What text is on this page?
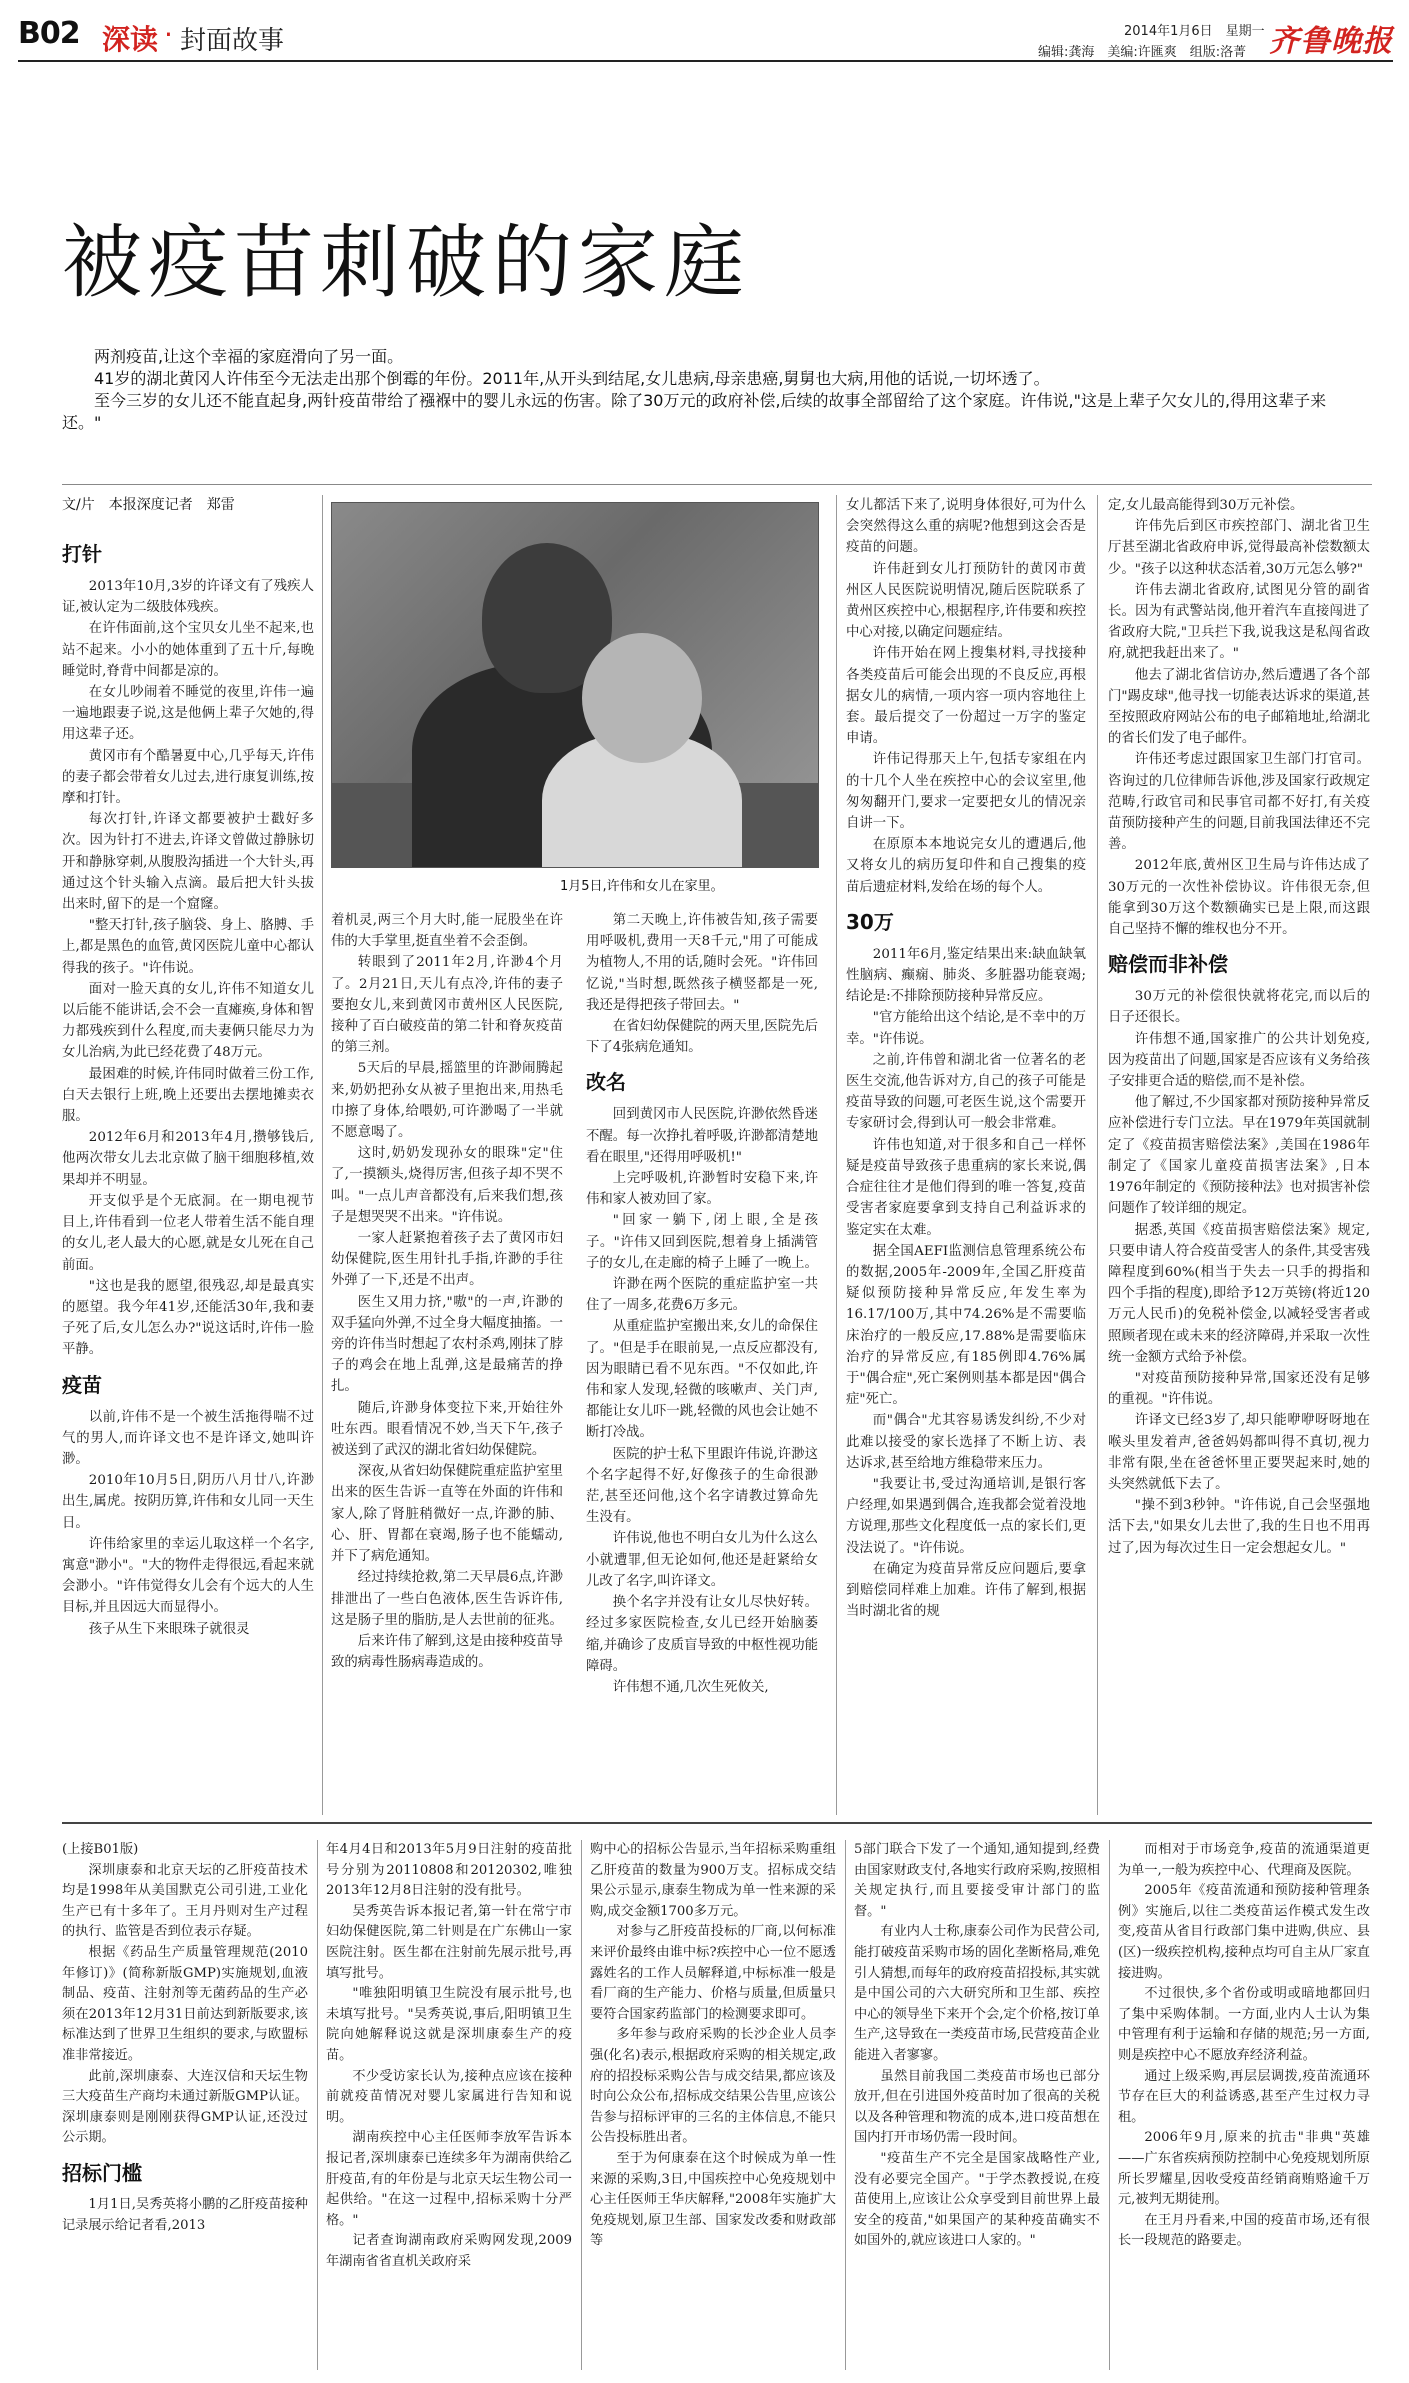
B02 深读 · 封面故事	2014年1月6日　星期一
编辑:龚海　美编:许匯爽　组版:洛菁 齐鲁晚报
被疫苗刺破的家庭

两剂疫苗,让这个幸福的家庭滑向了另一面。

41岁的湖北黄冈人许伟至今无法走出那个倒霉的年份。2011年,从开头到结尾,女儿患病,母亲患癌,舅舅也大病,用他的话说,一切坏透了。

至今三岁的女儿还不能直起身,两针疫苗带给了襁褓中的婴儿永远的伤害。除了30万元的政府补偿,后续的故事全部留给了这个家庭。许伟说,"这是上辈子欠女儿的,得用这辈子来还。"

文/片　本报深度记者　郑雷
打针

2013年10月,3岁的许译文有了残疾人证,被认定为二级肢体残疾。

在许伟面前,这个宝贝女儿坐不起来,也站不起来。小小的她体重到了五十斤,每晚睡觉时,脊背中间都是凉的。

在女儿吵闹着不睡觉的夜里,许伟一遍一遍地跟妻子说,这是他俩上辈子欠她的,得用这辈子还。

黄冈市有个酷暑夏中心,几乎每天,许伟的妻子都会带着女儿过去,进行康复训练,按摩和打针。

每次打针,许译文都要被护士戳好多次。因为针打不进去,许译文曾做过静脉切开和静脉穿刺,从腹股沟插进一个大针头,再通过这个针头输入点滴。最后把大针头拔出来时,留下的是一个窟窿。

"整天打针,孩子脑袋、身上、胳膊、手上,都是黑色的血管,黄冈医院儿童中心都认得我的孩子。"许伟说。

面对一脸天真的女儿,许伟不知道女儿以后能不能讲话,会不会一直瘫痪,身体和智力都残疾到什么程度,而夫妻俩只能尽力为女儿治病,为此已经花费了48万元。

最困难的时候,许伟同时做着三份工作,白天去银行上班,晚上还要出去摆地摊卖衣服。

2012年6月和2013年4月,攒够钱后,他两次带女儿去北京做了脑干细胞移植,效果却并不明显。

开支似乎是个无底洞。在一期电视节目上,许伟看到一位老人带着生活不能自理的女儿,老人最大的心愿,就是女儿死在自己前面。

"这也是我的愿望,很残忍,却是最真实的愿望。我今年41岁,还能活30年,我和妻子死了后,女儿怎么办?"说这话时,许伟一脸平静。

疫苗

以前,许伟不是一个被生活拖得喘不过气的男人,而许译文也不是许译文,她叫许渺。

2010年10月5日,阴历八月廿八,许渺出生,属虎。按阴历算,许伟和女儿同一天生日。

许伟给家里的幸运儿取这样一个名字,寓意"渺小"。"大的物件走得很远,看起来就会渺小。"许伟觉得女儿会有个远大的人生目标,并且因远大而显得小。

孩子从生下来眼珠子就很灵

1月5日,许伟和女儿在家里。

着机灵,两三个月大时,能一屁股坐在许伟的大手掌里,挺直坐着不会歪倒。

转眼到了2011年2月,许渺4个月了。2月21日,天儿有点冷,许伟的妻子要抱女儿,来到黄冈市黄州区人民医院,接种了百白破疫苗的第二针和脊灰疫苗的第三剂。

5天后的早晨,摇篮里的许渺闹腾起来,奶奶把孙女从被子里抱出来,用热毛巾擦了身体,给喂奶,可许渺喝了一半就不愿意喝了。

这时,奶奶发现孙女的眼珠"定"住了,一摸额头,烧得厉害,但孩子却不哭不叫。"一点儿声音都没有,后来我们想,孩子是想哭哭不出来。"许伟说。

一家人赶紧抱着孩子去了黄冈市妇幼保健院,医生用针扎手指,许渺的手往外弹了一下,还是不出声。

医生又用力挤,"嗷"的一声,许渺的双手猛向外弹,不过全身大幅度抽搐。一旁的许伟当时想起了农村杀鸡,刚抹了脖子的鸡会在地上乱弹,这是最痛苦的挣扎。

随后,许渺身体变拉下来,开始往外吐东西。眼看情况不妙,当天下午,孩子被送到了武汉的湖北省妇幼保健院。

深夜,从省妇幼保健院重症监护室里出来的医生告诉一直等在外面的许伟和家人,除了肾脏稍微好一点,许渺的肺、心、肝、胃都在衰竭,肠子也不能蠕动,并下了病危通知。

经过持续抢救,第二天早晨6点,许渺排泄出了一些白色液体,医生告诉许伟,这是肠子里的脂肪,是人去世前的征兆。

后来许伟了解到,这是由接种疫苗导致的病毒性肠病毒造成的。

第二天晚上,许伟被告知,孩子需要用呼吸机,费用一天8千元,"用了可能成为植物人,不用的话,随时会死。"许伟回忆说,"当时想,既然孩子横竖都是一死,我还是得把孩子带回去。"

在省妇幼保健院的两天里,医院先后下了4张病危通知。

改名

回到黄冈市人民医院,许渺依然昏迷不醒。每一次挣扎着呼吸,许渺都清楚地看在眼里,"还得用呼吸机!"

上完呼吸机,许渺暂时安稳下来,许伟和家人被劝回了家。

"回家一躺下,闭上眼,全是孩子。"许伟又回到医院,想着身上插满管子的女儿,在走廊的椅子上睡了一晚上。

许渺在两个医院的重症监护室一共住了一周多,花费6万多元。

从重症监护室搬出来,女儿的命保住了。"但是手在眼前晃,一点反应都没有,因为眼睛已看不见东西。"不仅如此,许伟和家人发现,轻微的咳嗽声、关门声,都能让女儿吓一跳,轻微的风也会让她不断打冷战。

医院的护士私下里跟许伟说,许渺这个名字起得不好,好像孩子的生命很渺茫,甚至还问他,这个名字请教过算命先生没有。

许伟说,他也不明白女儿为什么这么小就遭罪,但无论如何,他还是赶紧给女儿改了名字,叫许译文。

换个名字并没有让女儿尽快好转。经过多家医院检查,女儿已经开始脑萎缩,并确诊了皮质盲导致的中枢性视功能障碍。

许伟想不通,几次生死攸关,

女儿都活下来了,说明身体很好,可为什么会突然得这么重的病呢?他想到这会否是疫苗的问题。

许伟赶到女儿打预防针的黄冈市黄州区人民医院说明情况,随后医院联系了黄州区疾控中心,根据程序,许伟要和疾控中心对接,以确定问题症结。

许伟开始在网上搜集材料,寻找接种各类疫苗后可能会出现的不良反应,再根据女儿的病情,一项内容一项内容地往上套。最后提交了一份超过一万字的鉴定申请。

许伟记得那天上午,包括专家组在内的十几个人坐在疾控中心的会议室里,他匆匆翻开门,要求一定要把女儿的情况亲自讲一下。

在原原本本地说完女儿的遭遇后,他又将女儿的病历复印件和自己搜集的疫苗后遗症材料,发给在场的每个人。

30万

2011年6月,鉴定结果出来:缺血缺氧性脑病、癫痫、肺炎、多脏器功能衰竭;结论是:不排除预防接种异常反应。

"官方能给出这个结论,是不幸中的万幸。"许伟说。

之前,许伟曾和湖北省一位著名的老医生交流,他告诉对方,自己的孩子可能是疫苗导致的问题,可老医生说,这个需要开专家研讨会,得到认可一般会非常难。

许伟也知道,对于很多和自己一样怀疑是疫苗导致孩子患重病的家长来说,偶合症往往才是他们得到的唯一答复,疫苗受害者家庭要拿到支持自己利益诉求的鉴定实在太难。

据全国AEFI监测信息管理系统公布的数据,2005年-2009年,全国乙肝疫苗疑似预防接种异常反应,年发生率为16.17/100万,其中74.26%是不需要临床治疗的一般反应,17.88%是需要临床治疗的异常反应,有185例即4.76%属于"偶合症",死亡案例则基本都是因"偶合症"死亡。

而"偶合"尤其容易诱发纠纷,不少对此难以接受的家长选择了不断上访、表达诉求,甚至给地方维稳带来压力。

"我要让书,受过沟通培训,是银行客户经理,如果遇到偶合,连我都会觉着没地方说理,那些文化程度低一点的家长们,更没法说了。"许伟说。

在确定为疫苗异常反应问题后,要拿到赔偿同样难上加难。许伟了解到,根据当时湖北省的规

定,女儿最高能得到30万元补偿。

许伟先后到区市疾控部门、湖北省卫生厅甚至湖北省政府申诉,觉得最高补偿数额太少。"孩子以这种状态活着,30万元怎么够?"

许伟去湖北省政府,试图见分管的副省长。因为有武警站岗,他开着汽车直接闯进了省政府大院,"卫兵拦下我,说我这是私闯省政府,就把我赶出来了。"

他去了湖北省信访办,然后遭遇了各个部门"踢皮球",他寻找一切能表达诉求的渠道,甚至按照政府网站公布的电子邮箱地址,给湖北的省长们发了电子邮件。

许伟还考虑过跟国家卫生部门打官司。咨询过的几位律师告诉他,涉及国家行政规定范畴,行政官司和民事官司都不好打,有关疫苗预防接种产生的问题,目前我国法律还不完善。

2012年底,黄州区卫生局与许伟达成了30万元的一次性补偿协议。许伟很无奈,但能拿到30万这个数额确实已是上限,而这跟自己坚持不懈的维权也分不开。

赔偿而非补偿

30万元的补偿很快就将花完,而以后的日子还很长。

许伟想不通,国家推广的公共计划免疫,因为疫苗出了问题,国家是否应该有义务给孩子安排更合适的赔偿,而不是补偿。

他了解过,不少国家都对预防接种异常反应补偿进行专门立法。早在1979年英国就制定了《疫苗损害赔偿法案》,美国在1986年制定了《国家儿童疫苗损害法案》,日本1976年制定的《预防接种法》也对损害补偿问题作了较详细的规定。

据悉,英国《疫苗损害赔偿法案》规定,只要申请人符合疫苗受害人的条件,其受害残障程度到60%(相当于失去一只手的拇指和四个手指的程度),即给予12万英镑(将近120万元人民币)的免税补偿金,以减轻受害者或照顾者现在或未来的经济障碍,并采取一次性统一金额方式给予补偿。

"对疫苗预防接种异常,国家还没有足够的重视。"许伟说。

许译文已经3岁了,却只能咿咿呀呀地在喉头里发着声,爸爸妈妈都叫得不真切,视力非常有限,坐在爸爸怀里正要哭起来时,她的头突然就低下去了。

"操不到3秒钟。"许伟说,自己会坚强地活下去,"如果女儿去世了,我的生日也不用再过了,因为每次过生日一定会想起女儿。"

(上接B01版)

深圳康泰和北京天坛的乙肝疫苗技术均是1998年从美国默克公司引进,工业化生产已有十多年了。王月丹则对生产过程的执行、监管是否到位表示存疑。

根据《药品生产质量管理规范(2010年修订)》(简称新版GMP)实施规划,血液制品、疫苗、注射剂等无菌药品的生产必须在2013年12月31日前达到新版要求,该标准达到了世界卫生组织的要求,与欧盟标准非常接近。

此前,深圳康泰、大连汉信和天坛生物三大疫苗生产商均未通过新版GMP认证。深圳康泰则是刚刚获得GMP认证,还没过公示期。

招标门槛

1月1日,吴秀英将小鹏的乙肝疫苗接种记录展示给记者看,2013

年4月4日和2013年5月9日注射的疫苗批号分别为20110808和20120302,唯独2013年12月8日注射的没有批号。

吴秀英告诉本报记者,第一针在常宁市妇幼保健医院,第二针则是在广东佛山一家医院注射。医生都在注射前先展示批号,再填写批号。

"唯独阳明镇卫生院没有展示批号,也未填写批号。"吴秀英说,事后,阳明镇卫生院向她解释说这就是深圳康泰生产的疫苗。

不少受访家长认为,接种点应该在接种前就疫苗情况对婴儿家属进行告知和说明。

湖南疾控中心主任医师李放军告诉本报记者,深圳康泰已连续多年为湖南供给乙肝疫苗,有的年份是与北京天坛生物公司一起供给。"在这一过程中,招标采购十分严格。"

记者查询湖南政府采购网发现,2009年湖南省省直机关政府采

购中心的招标公告显示,当年招标采购重组乙肝疫苗的数量为900万支。招标成交结果公示显示,康泰生物成为单一性来源的采购,成交金额1700多万元。

对参与乙肝疫苗投标的厂商,以何标准来评价最终由谁中标?疾控中心一位不愿透露姓名的工作人员解释道,中标标准一般是看厂商的生产能力、价格与质量,但质量只要符合国家药监部门的检测要求即可。

多年参与政府采购的长沙企业人员李强(化名)表示,根据政府采购的相关规定,政府的招投标采购公告与成交结果,都应该及时向公众公布,招标成交结果公告里,应该公告参与招标评审的三名的主体信息,不能只公告投标胜出者。

至于为何康泰在这个时候成为单一性来源的采购,3日,中国疾控中心免疫规划中心主任医师王华庆解释,"2008年实施扩大免疫规划,原卫生部、国家发改委和财政部等

5部门联合下发了一个通知,通知提到,经费由国家财政支付,各地实行政府采购,按照相关规定执行,而且要接受审计部门的监督。"

有业内人士称,康泰公司作为民营公司,能打破疫苗采购市场的固化垄断格局,难免引人猜想,而每年的政府疫苗招投标,其实就是中国公司的六大研究所和卫生部、疾控中心的领导坐下来开个会,定个价格,按订单生产,这导致在一类疫苗市场,民营疫苗企业能进入者寥寥。

虽然目前我国二类疫苗市场也已部分放开,但在引进国外疫苗时加了很高的关税以及各种管理和物流的成本,进口疫苗想在国内打开市场仍需一段时间。

"疫苗生产不完全是国家战略性产业,没有必要完全国产。"于学杰教授说,在疫苗使用上,应该让公众享受到目前世界上最安全的疫苗,"如果国产的某种疫苗确实不如国外的,就应该进口人家的。"

而相对于市场竞争,疫苗的流通渠道更为单一,一般为疾控中心、代理商及医院。

2005年《疫苗流通和预防接种管理条例》实施后,以往二类疫苗运作模式发生改变,疫苗从省目行政部门集中进购,供应、县(区)一级疾控机构,接种点均可自主从厂家直接进购。

不过很快,多个省份或明或暗地都回归了集中采购体制。一方面,业内人士认为集中管理有利于运输和存储的规范;另一方面,则是疾控中心不愿放弃经济利益。

通过上级采购,再层层调拨,疫苗流通环节存在巨大的利益诱惑,甚至产生过权力寻租。

2006年9月,原来的抗击"非典"英雄——广东省疾病预防控制中心免疫规划所原所长罗耀星,因收受疫苗经销商贿赂逾千万元,被判无期徒刑。

在王月丹看来,中国的疫苗市场,还有很长一段规范的路要走。
